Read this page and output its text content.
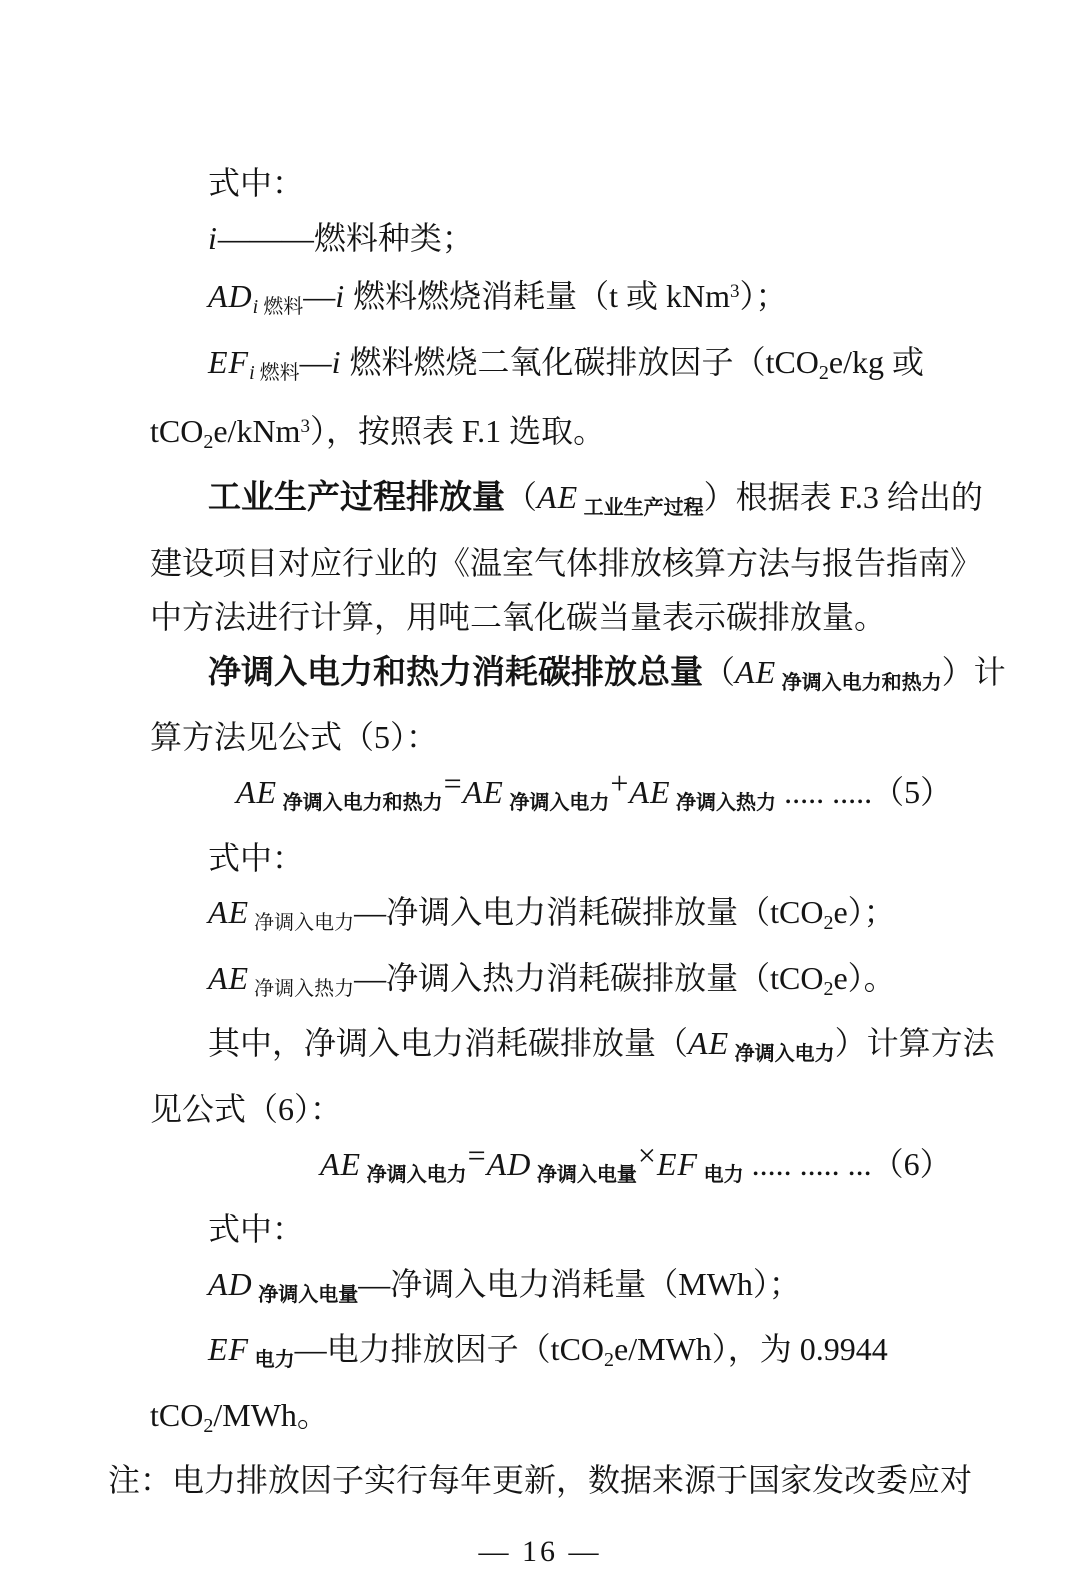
式中：
i———燃料种类；
ADi 燃料—i 燃料燃烧消耗量（t 或 kNm$^3$）；
EFi 燃料—i 燃料燃烧二氧化碳排放因子（tCO2e/kg 或
tCO2e/kNm$^3$），按照表 F.1 选取。
工业生产过程排放量（AE 工业生产过程）根据表 F.3 给出的
建设项目对应行业的《温室气体排放核算方法与报告指南》
中方法进行计算，用吨二氧化碳当量表示碳排放量。
净调入电力和热力消耗碳排放总量（AE 净调入电力和热力）计
算方法见公式（5）：
AE 净调入电力和热力=AE 净调入电力+AE 净调入热力 ..... .....（5）
式中：
AE 净调入电力—净调入电力消耗碳排放量（tCO2e）；
AE 净调入热力—净调入热力消耗碳排放量（tCO2e）。
其中，净调入电力消耗碳排放量（AE 净调入电力）计算方法
见公式（6）：
AE 净调入电力=AD 净调入电量×EF 电力 ..... ..... ...（6）
式中：
AD 净调入电量—净调入电力消耗量（MWh）；
EF 电力—电力排放因子（tCO2e/MWh），为 0.9944
tCO2/MWh。
注：电力排放因子实行每年更新，数据来源于国家发改委应对
— 16 —
